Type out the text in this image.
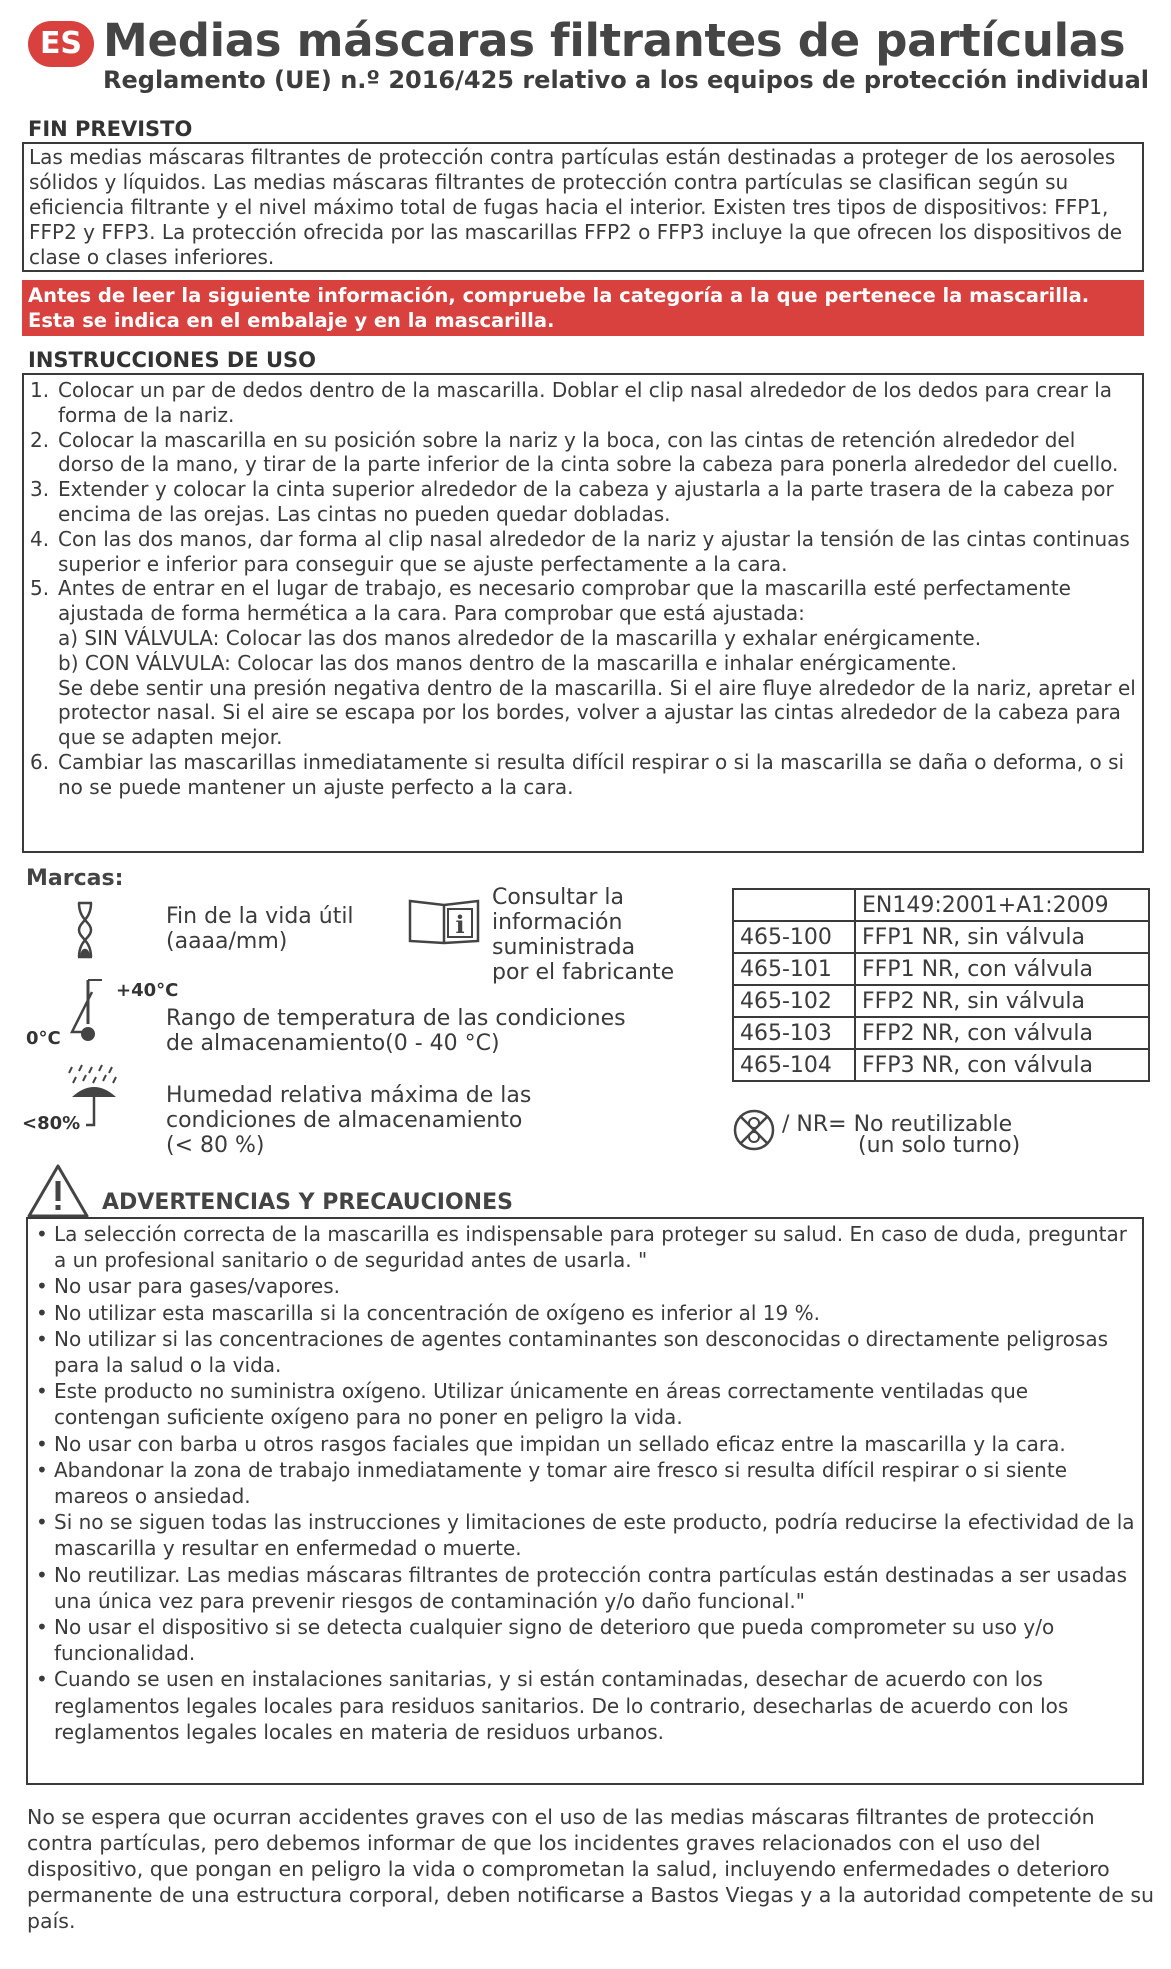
ES Medias máscaras filtrantes de partículas
Reglamento (UE) n.º 2016/425 relativo a los equipos de protección individual
FIN PREVISTO

Las medias máscaras filtrantes de protección contra partículas están destinadas a proteger de los aerosoles sólidos y líquidos. Las medias máscaras filtrantes de protección contra partículas se clasifican según su eficiencia filtrante y el nivel máximo total de fugas hacia el interior. Existen tres tipos de dispositivos: FFP1, FFP2 y FFP3. La protección ofrecida por las mascarillas FFP2 o FFP3 incluye la que ofrecen los dispositivos de clase o clases inferiores.

Antes de leer la siguiente información, compruebe la categoría a la que pertenece la mascarilla.
Esta se indica en el embalaje y en la mascarilla.
INSTRUCCIONES DE USO
1. Colocar un par de dedos dentro de la mascarilla. Doblar el clip nasal alrededor de los dedos para crear la forma de la nariz.
2. Colocar la mascarilla en su posición sobre la nariz y la boca, con las cintas de retención alrededor del dorso de la mano, y tirar de la parte inferior de la cinta sobre la cabeza para ponerla alrededor del cuello.
3. Extender y colocar la cinta superior alrededor de la cabeza y ajustarla a la parte trasera de la cabeza por encima de las orejas. Las cintas no pueden quedar dobladas.
4. Con las dos manos, dar forma al clip nasal alrededor de la nariz y ajustar la tensión de las cintas continuas superior e inferior para conseguir que se ajuste perfectamente a la cara.
5. Antes de entrar en el lugar de trabajo, es necesario comprobar que la mascarilla esté perfectamente ajustada de forma hermética a la cara. Para comprobar que está ajustada:
a) SIN VÁLVULA: Colocar las dos manos alrededor de la mascarilla y exhalar enérgicamente.
b) CON VÁLVULA: Colocar las dos manos dentro de la mascarilla e inhalar enérgicamente.
Se debe sentir una presión negativa dentro de la mascarilla. Si el aire fluye alrededor de la nariz, apretar el protector nasal. Si el aire se escapa por los bordes, volver a ajustar las cintas alrededor de la cabeza para que se adapten mejor.
6. Cambiar las mascarillas inmediatamente si resulta difícil respirar o si la mascarilla se daña o deforma, o si no se puede mantener un ajuste perfecto a la cara.
Marcas:
Fin de la vida útil
(aaaa/mm)
i
Consultar la
información
suministrada
por el fabricante
+40°C
0°C
Rango de temperatura de las condiciones
de almacenamiento(0 - 40 °C)
<80%
Humedad relativa máxima de las
condiciones de almacenamiento
(< 80 %)
	EN149:2001+A1:2009
465-100	FFP1 NR, sin válvula
465-101	FFP1 NR, con válvula
465-102	FFP2 NR, sin válvula
465-103	FFP2 NR, con válvula
465-104	FFP3 NR, con válvula
/ NR= No reutilizable
(un solo turno)
ADVERTENCIAS Y PRECAUCIONES
• La selección correcta de la mascarilla es indispensable para proteger su salud. En caso de duda, preguntar a un profesional sanitario o de seguridad antes de usarla. "
• No usar para gases/vapores.
• No utilizar esta mascarilla si la concentración de oxígeno es inferior al 19 %.
• No utilizar si las concentraciones de agentes contaminantes son desconocidas o directamente peligrosas para la salud o la vida.
• Este producto no suministra oxígeno. Utilizar únicamente en áreas correctamente ventiladas que contengan suficiente oxígeno para no poner en peligro la vida.
• No usar con barba u otros rasgos faciales que impidan un sellado eficaz entre la mascarilla y la cara.
• Abandonar la zona de trabajo inmediatamente y tomar aire fresco si resulta difícil respirar o si siente mareos o ansiedad.
• Si no se siguen todas las instrucciones y limitaciones de este producto, podría reducirse la efectividad de la mascarilla y resultar en enfermedad o muerte.
• No reutilizar. Las medias máscaras filtrantes de protección contra partículas están destinadas a ser usadas una única vez para prevenir riesgos de contaminación y/o daño funcional."
• No usar el dispositivo si se detecta cualquier signo de deterioro que pueda comprometer su uso y/o funcionalidad.
• Cuando se usen en instalaciones sanitarias, y si están contaminadas, desechar de acuerdo con los reglamentos legales locales para residuos sanitarios. De lo contrario, desecharlas de acuerdo con los reglamentos legales locales en materia de residuos urbanos.
No se espera que ocurran accidentes graves con el uso de las medias máscaras filtrantes de protección contra partículas, pero debemos informar de que los incidentes graves relacionados con el uso del dispositivo, que pongan en peligro la vida o comprometan la salud, incluyendo enfermedades o deterioro permanente de una estructura corporal, deben notificarse a Bastos Viegas y a la autoridad competente de su país.
